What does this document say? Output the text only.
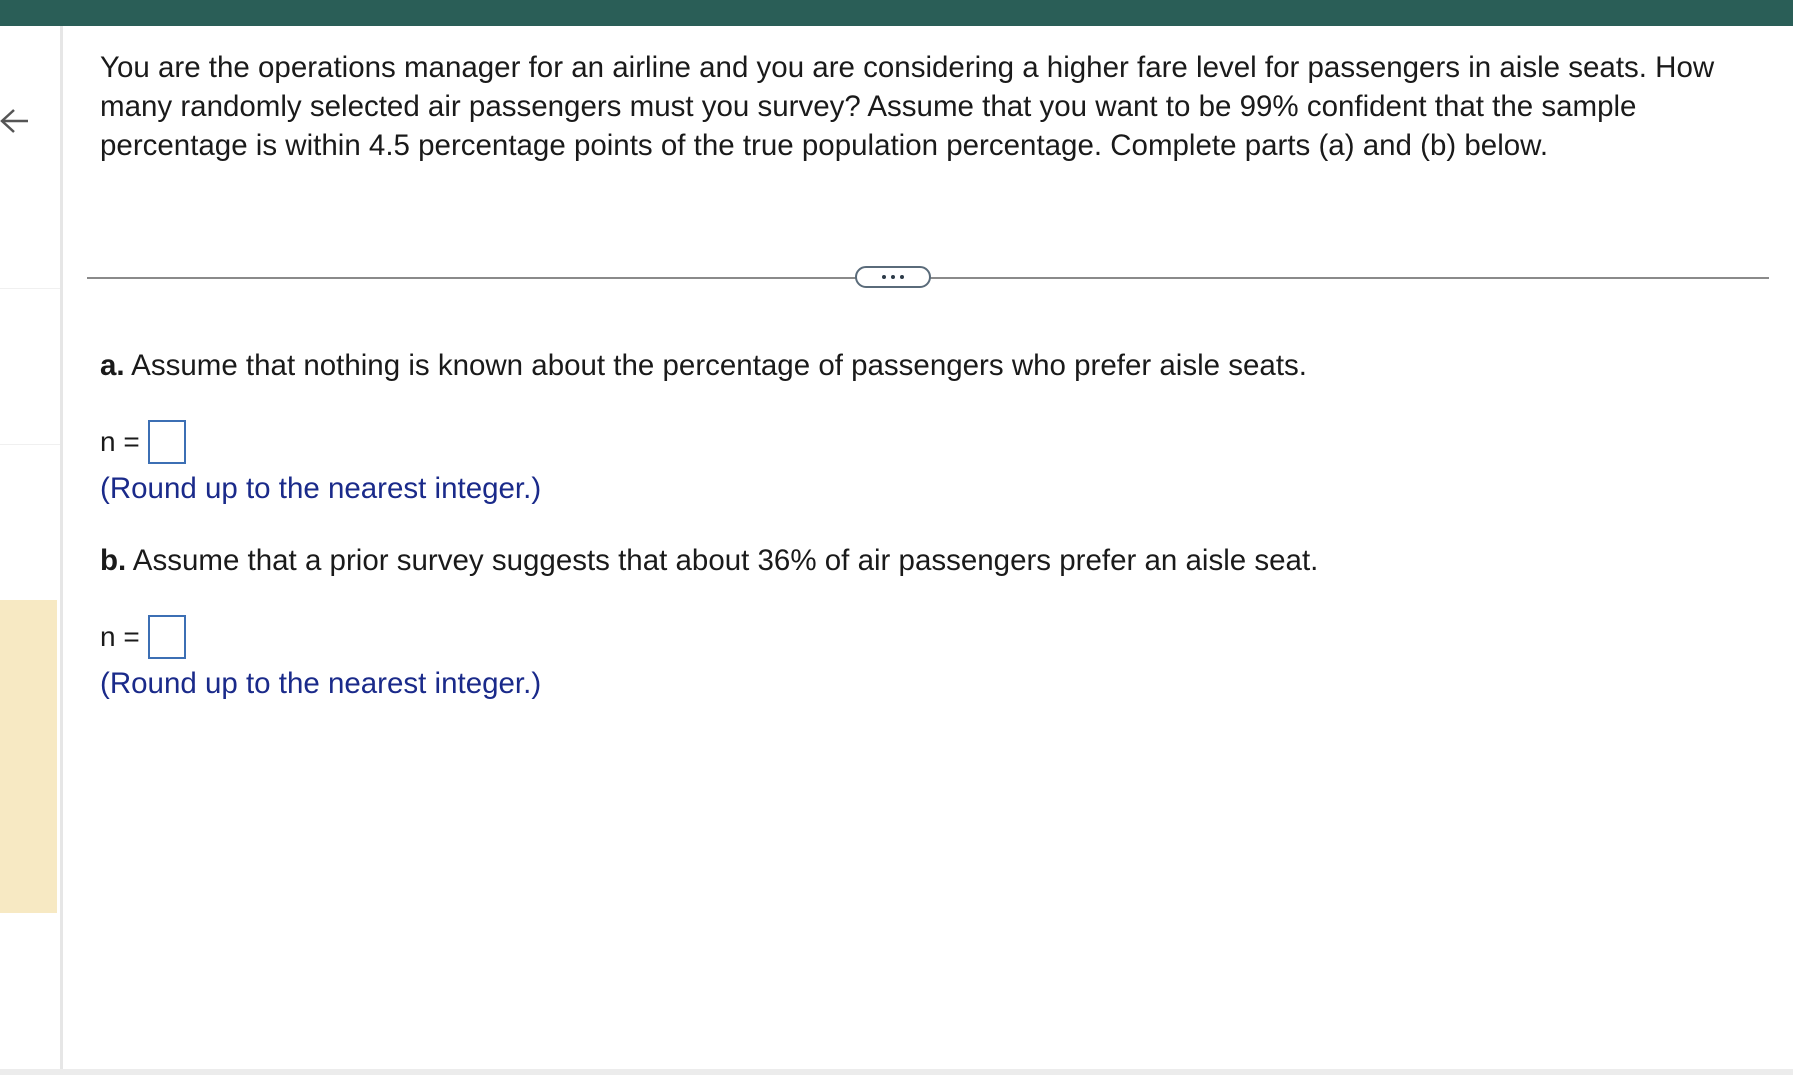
You are the operations manager for an airline and you are considering a higher fare level for passengers in aisle seats. How many randomly selected air passengers must you survey? Assume that you want to be 99% confident that the sample percentage is within 4.5 percentage points of the true population percentage. Complete parts (a) and (b) below.

a. Assume that nothing is known about the percentage of passengers who prefer aisle seats.
n =
(Round up to the nearest integer.)
b. Assume that a prior survey suggests that about 36% of air passengers prefer an aisle seat.
n =
(Round up to the nearest integer.)
